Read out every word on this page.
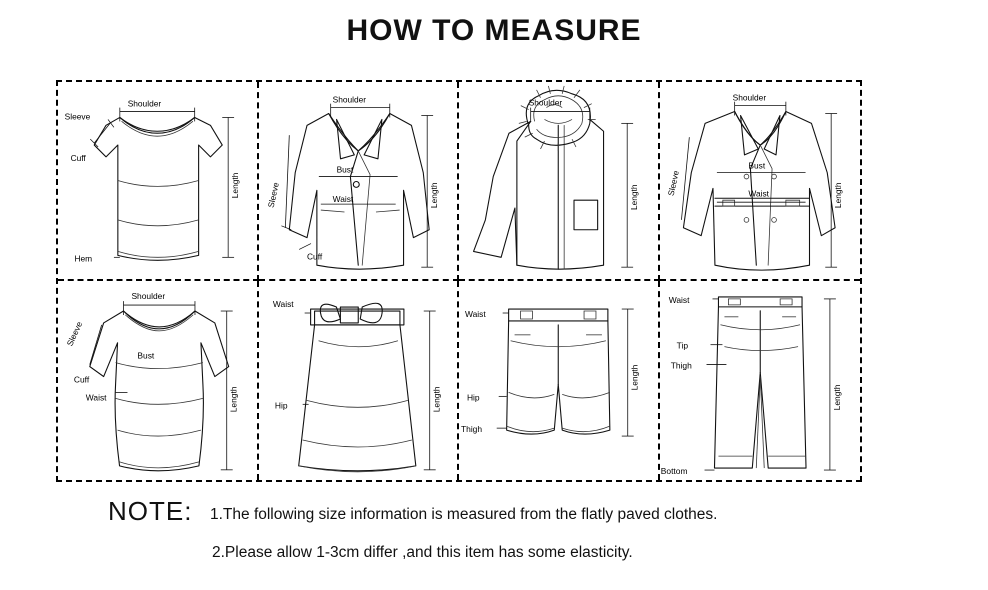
HOW TO MEASURE
Shoulder
Sleeve
Cuff
Length
Hem
Shoulder
Sleeve
Bust
Waist	Length
Cuff
Shoulder
Length
Shoulder
Sleeve
Bust
Waist	Length
Shoulder
Sleeve
Bust
Cuff
Waist	Length
Waist
Hip	Length
Waist
Hip
Thigh
Length
Waist
Tip
Thigh
Length
Bottom
NOTE: 1.The following size information is measured from the flatly paved clothes.
2.Please allow 1-3cm differ ,and this item has some elasticity.
